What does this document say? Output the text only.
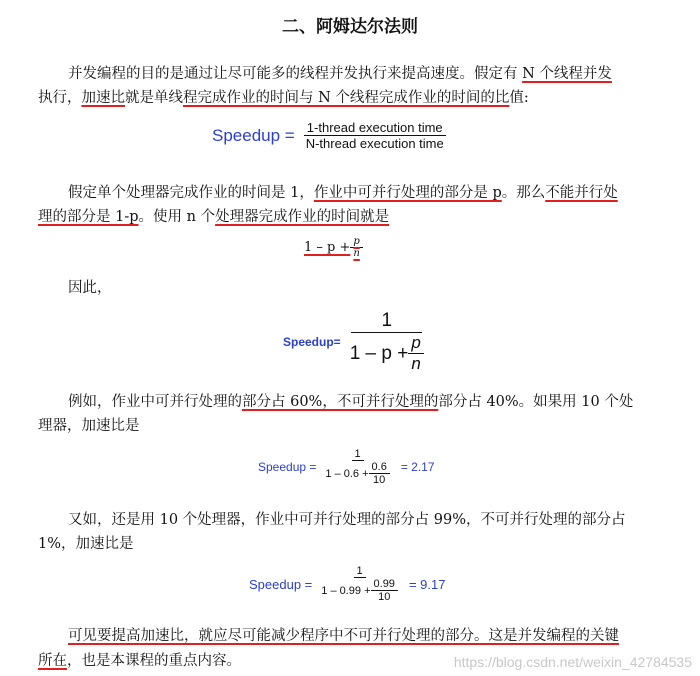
二、阿姆达尔法则
并发编程的目的是通过让尽可能多的线程并发执行来提高速度。假定有 N 个线程并发
执行，加速比就是单线程完成作业的时间与 N 个线程完成作业的时间的比值:
Speedup = $\frac{\text{1-thread execution time}}{\text{N-thread execution time}}$
假定单个处理器完成作业的时间是 1，作业中可并行处理的部分是 p。那么不能并行处
理的部分是 1-p。使用 n 个处理器完成作业的时间就是
$1 - p + \frac{p}{n}$
因此，
Speedup= $\frac{1}{1 - p + \frac{p}{n}}$
例如，作业中可并行处理的部分占 60%，不可并行处理的部分占 40%。如果用 10 个处
理器，加速比是
Speedup = $\frac{1}{1 - 0.6 + \frac{0.6}{10}} = 2.17$
又如，还是用 10 个处理器，作业中可并行处理的部分占 99%，不可并行处理的部分占
1%，加速比是
Speedup = $\frac{1}{1 - 0.99 + \frac{0.99}{10}} = 9.17$
可见要提高加速比，就应尽可能减少程序中不可并行处理的部分。这是并发编程的关键
所在，也是本课程的重点内容。	https://blog.csdn.net/weixin_42784535
